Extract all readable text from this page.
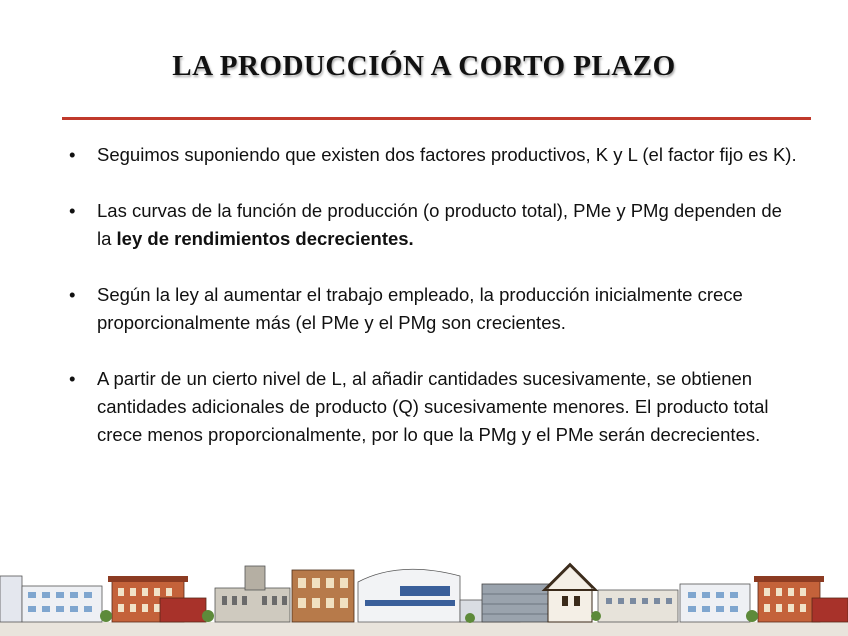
LA PRODUCCIÓN A CORTO PLAZO
• Seguimos suponiendo que existen dos factores productivos, K y L (el factor fijo es K).
• Las curvas de la función de producción (o producto total), PMe y PMg dependen de la ley de rendimientos decrecientes.
• Según la ley al aumentar el trabajo empleado, la producción inicialmente crece proporcionalmente más (el PMe y el PMg son crecientes.
• A partir de un cierto nivel de L, al añadir cantidades sucesivamente, se obtienen cantidades adicionales de producto (Q) sucesivamente menores. El producto total crece menos proporcionalmente, por lo que la PMg y el PMe serán decrecientes.
